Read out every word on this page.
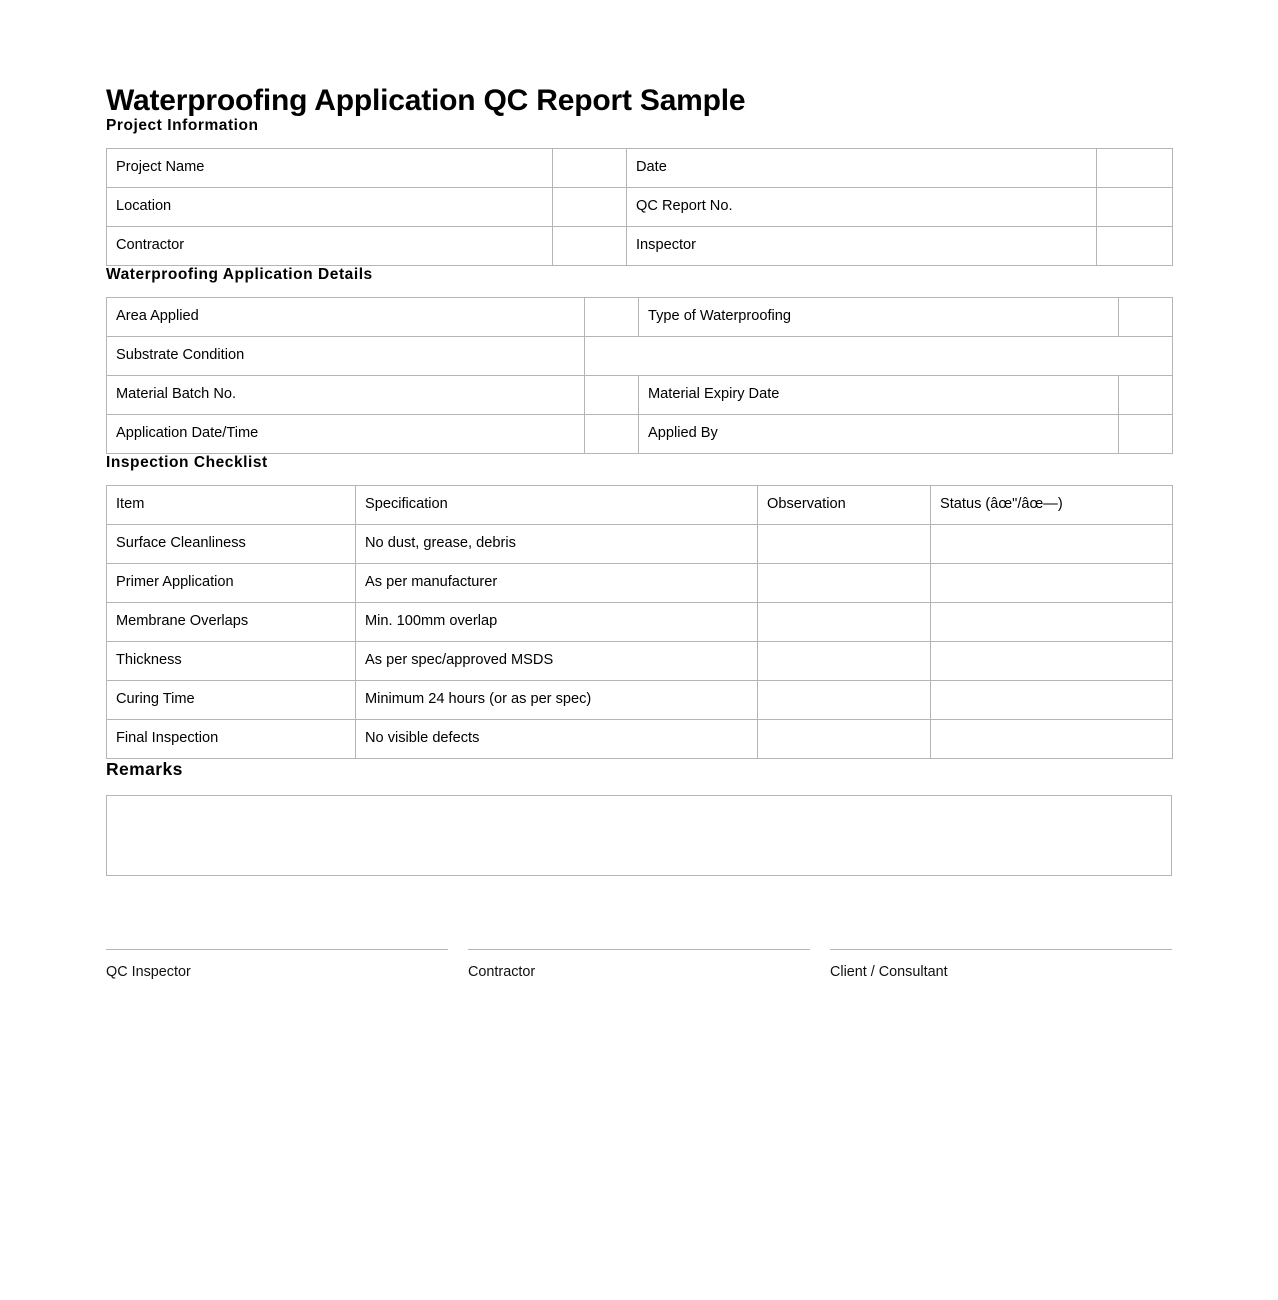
Waterproofing Application QC Report Sample
Project Information
Project Name		Date	
Location		QC Report No.	
Contractor		Inspector	
Waterproofing Application Details
Area Applied		Type of Waterproofing	
Substrate Condition			
Material Batch No.		Material Expiry Date	
Application Date/Time		Applied By	
Inspection Checklist
Item	Specification	Observation	Status (âœ"/âœ—)
Surface Cleanliness	No dust, grease, debris		
Primer Application	As per manufacturer		
Membrane Overlaps	Min. 100mm overlap		
Thickness	As per spec/approved MSDS		
Curing Time	Minimum 24 hours (or as per spec)		
Final Inspection	No visible defects		
Remarks
QC Inspector	Contractor	Client / Consultant
